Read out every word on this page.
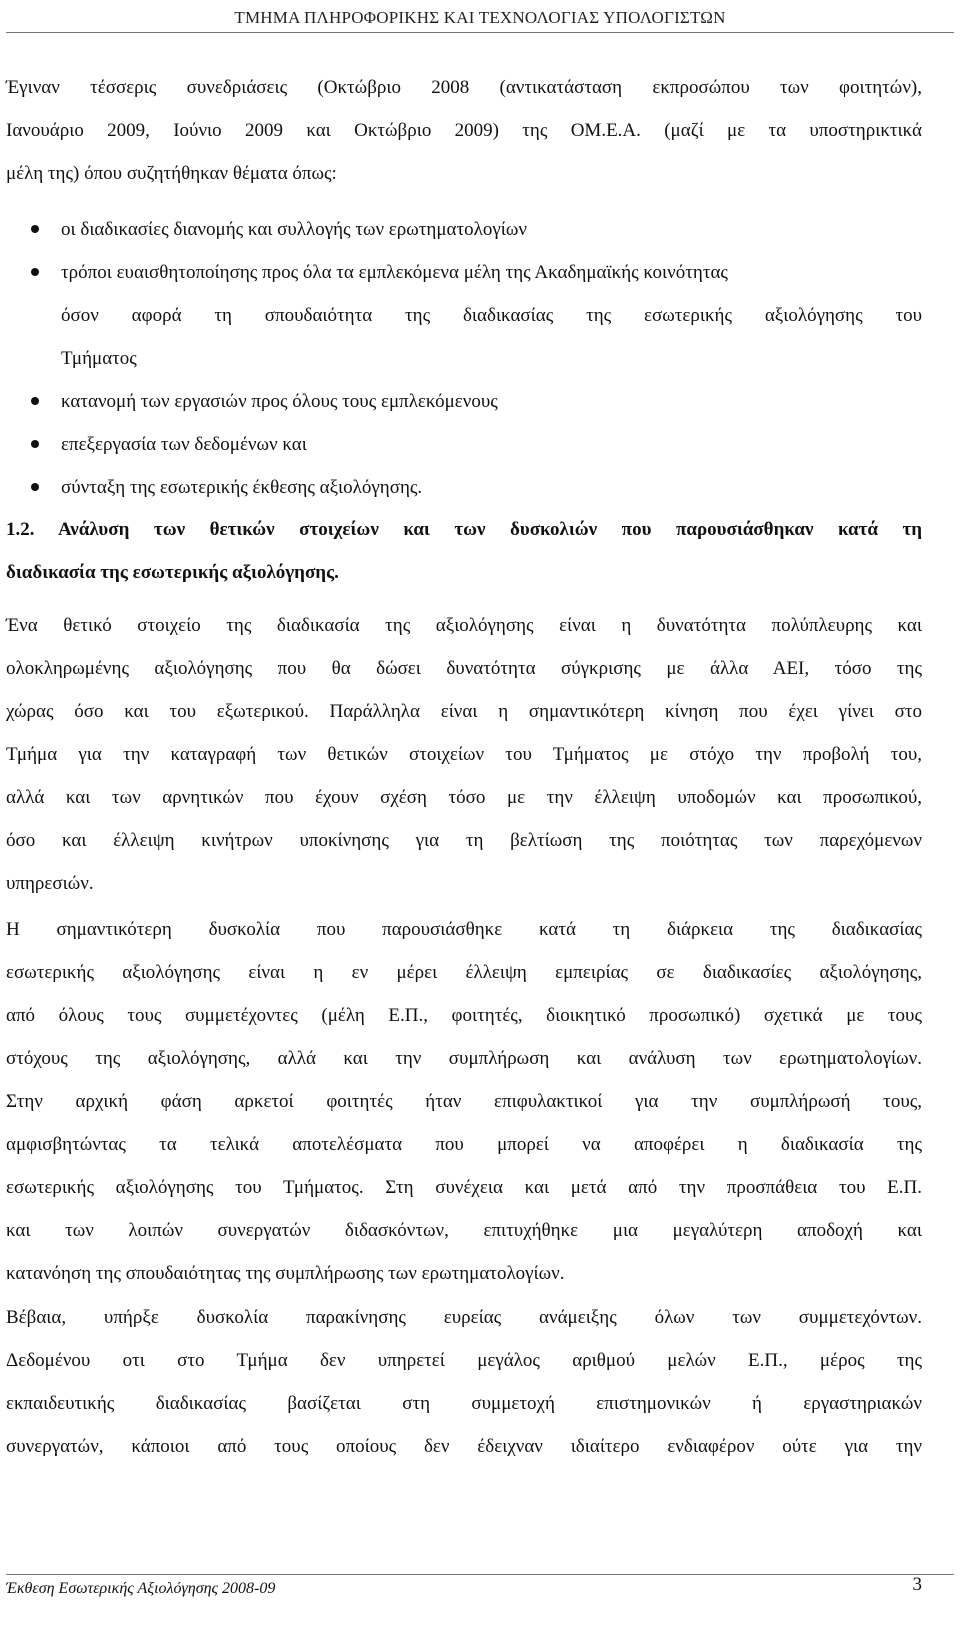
ΤΜΗΜΑ ΠΛΗΡΟΦΟΡΙΚΗΣ ΚΑΙ ΤΕΧΝΟΛΟΓΙΑΣ ΥΠΟΛΟΓΙΣΤΩΝ
Έγιναν τέσσερις συνεδριάσεις (Οκτώβριο 2008 (αντικατάσταση εκπροσώπου των φοιτητών),
Ιανουάριο 2009, Ιούνιο 2009 και Οκτώβριο 2009) της ΟΜ.Ε.Α. (μαζί με τα υποστηρικτικά
μέλη της) όπου συζητήθηκαν θέματα όπως:
οι διαδικασίες διανομής και συλλογής των ερωτηματολογίων
τρόποι ευαισθητοποίησης προς όλα τα εμπλεκόμενα μέλη της Ακαδημαϊκής κοινότητας
όσον αφορά τη σπουδαιότητα της διαδικασίας της εσωτερικής αξιολόγησης του
Τμήματος
κατανομή των εργασιών προς όλους τους εμπλεκόμενους
επεξεργασία των δεδομένων και
σύνταξη της εσωτερικής έκθεσης αξιολόγησης.
1.2. Ανάλυση των θετικών στοιχείων και των δυσκολιών που παρουσιάσθηκαν κατά τη
διαδικασία της εσωτερικής αξιολόγησης.
Ένα θετικό στοιχείο της διαδικασία της αξιολόγησης είναι η δυνατότητα πολύπλευρης και
ολοκληρωμένης αξιολόγησης που θα δώσει δυνατότητα σύγκρισης με άλλα ΑΕΙ, τόσο της
χώρας όσο και του εξωτερικού. Παράλληλα είναι η σημαντικότερη κίνηση που έχει γίνει στο
Τμήμα για την καταγραφή των θετικών στοιχείων του Τμήματος με στόχο την προβολή του,
αλλά και των αρνητικών που έχουν σχέση τόσο με την έλλειψη υποδομών και προσωπικού,
όσο και έλλειψη κινήτρων υποκίνησης για τη βελτίωση της ποιότητας των παρεχόμενων
υπηρεσιών.
Η σημαντικότερη δυσκολία που παρουσιάσθηκε κατά τη διάρκεια της διαδικασίας
εσωτερικής αξιολόγησης είναι η εν μέρει έλλειψη εμπειρίας σε διαδικασίες αξιολόγησης,
από όλους τους συμμετέχοντες (μέλη Ε.Π., φοιτητές, διοικητικό προσωπικό) σχετικά με τους
στόχους της αξιολόγησης, αλλά και την συμπλήρωση και ανάλυση των ερωτηματολογίων.
Στην αρχική φάση αρκετοί φοιτητές ήταν επιφυλακτικοί για την συμπλήρωσή τους,
αμφισβητώντας τα τελικά αποτελέσματα που μπορεί να αποφέρει η διαδικασία της
εσωτερικής αξιολόγησης του Τμήματος. Στη συνέχεια και μετά από την προσπάθεια του Ε.Π.
και των λοιπών συνεργατών διδασκόντων, επιτυχήθηκε μια μεγαλύτερη αποδοχή και
κατανόηση της σπουδαιότητας της συμπλήρωσης των ερωτηματολογίων.
Βέβαια, υπήρξε δυσκολία παρακίνησης ευρείας ανάμειξης όλων των συμμετεχόντων.
Δεδομένου οτι στο Τμήμα δεν υπηρετεί μεγάλος αριθμού μελών Ε.Π., μέρος της
εκπαιδευτικής διαδικασίας βασίζεται στη συμμετοχή επιστημονικών ή εργαστηριακών
συνεργατών, κάποιοι από τους οποίους δεν έδειχναν ιδιαίτερο ενδιαφέρον ούτε για την
Έκθεση Εσωτερικής Αξιολόγησης 2008-09	3
